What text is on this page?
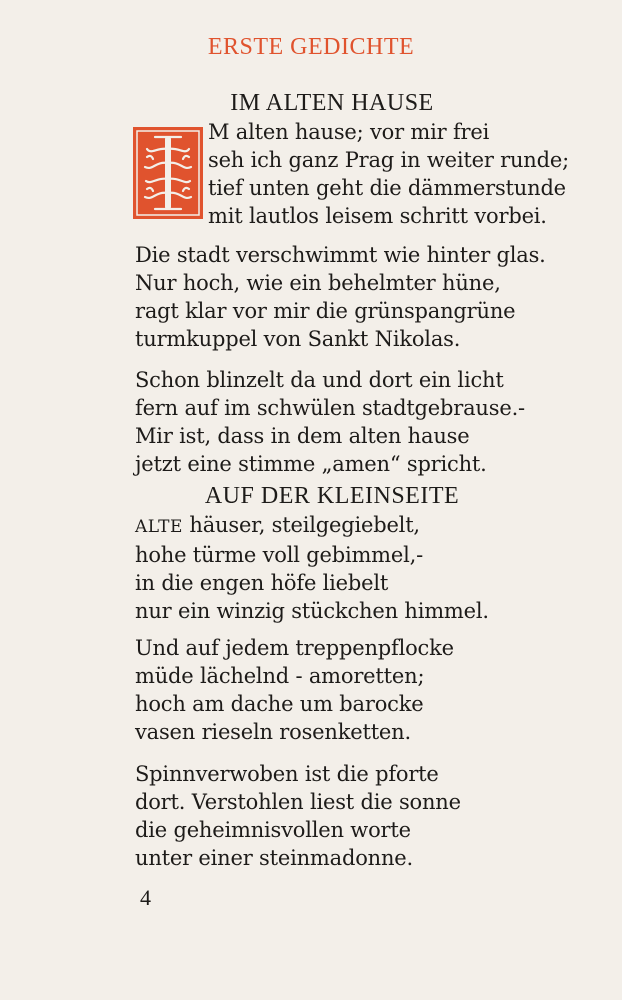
ERSTE GEDICHTE
IM ALTEN HAUSE
M alten hause; vor mir frei
seh ich ganz Prag in weiter runde;
tief unten geht die dämmerstunde
mit lautlos leisem schritt vorbei.
Die stadt verschwimmt wie hinter glas.
Nur hoch, wie ein behelmter hüne,
ragt klar vor mir die grünspangrüne
turmkuppel von Sankt Nikolas.
Schon blinzelt da und dort ein licht
fern auf im schwülen stadtgebrause.-
Mir ist, dass in dem alten hause
jetzt eine stimme „amen“ spricht.
AUF DER KLEINSEITE
ALTE häuser, steilgegiebelt,
hohe türme voll gebimmel,-
in die engen höfe liebelt
nur ein winzig stückchen himmel.
Und auf jedem treppenpflocke
müde lächelnd - amoretten;
hoch am dache um barocke
vasen rieseln rosenketten.
Spinnverwoben ist die pforte
dort. Verstohlen liest die sonne
die geheimnisvollen worte
unter einer steinmadonne.
4
